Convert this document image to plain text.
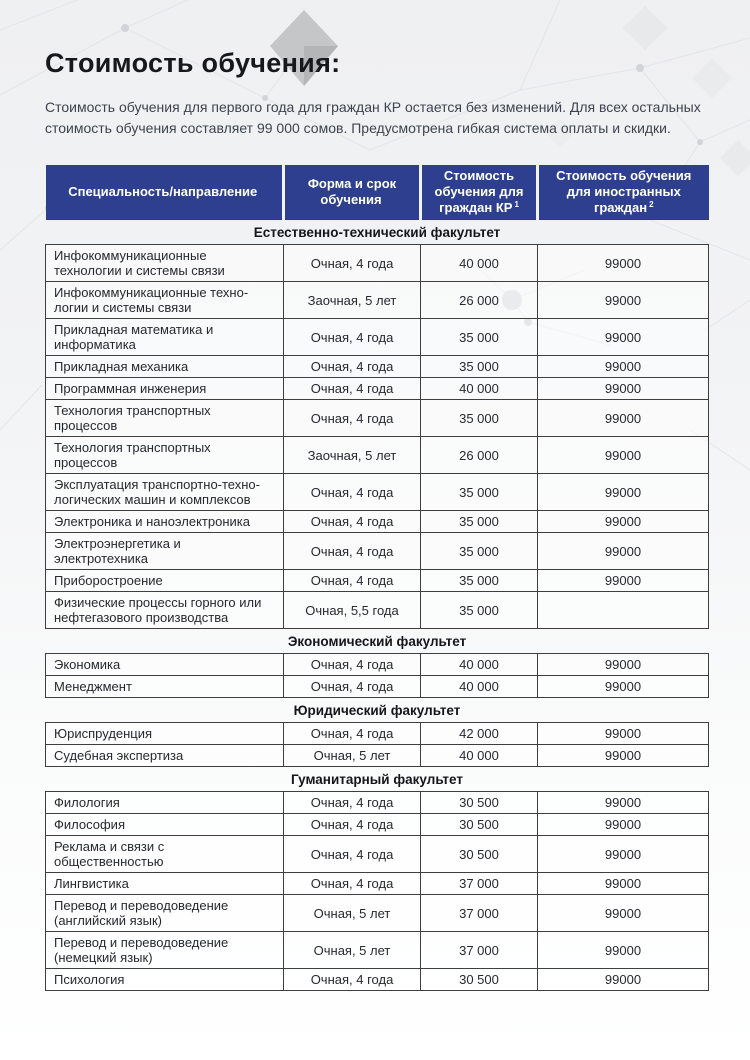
Стоимость обучения:

Стоимость обучения для первого года для граждан КР остается без изменений. Для всех остальных стоимость обучения составляет 99 000 сомов. Предусмотрена гибкая система оплаты и скидки.

Специальность/направление	Форма и срок обучения	Стоимость обучения для граждан КР $^1$	Стоимость обучения для иностранных граждан $^2$
Естественно-технический факультет			
Инфокоммуникационные технологии и системы связи	Очная, 4 года	40 000	99000
Инфокоммуникационные техно-логии и системы связи	Заочная, 5 лет	26 000	99000
Прикладная математика и информатика	Очная, 4 года	35 000	99000
Прикладная механика	Очная, 4 года	35 000	99000
Программная инженерия	Очная, 4 года	40 000	99000
Технология транспортных процессов	Очная, 4 года	35 000	99000
Технология транспортных процессов	Заочная, 5 лет	26 000	99000
Эксплуатация транспортно-техно-логических машин и комплексов	Очная, 4 года	35 000	99000
Электроника и наноэлектроника	Очная, 4 года	35 000	99000
Электроэнергетика и электротехника	Очная, 4 года	35 000	99000
Приборостроение	Очная, 4 года	35 000	99000
Физические процессы горного или нефтегазового производства	Очная, 5,5 года	35 000	
Экономический факультет			
Экономика	Очная, 4 года	40 000	99000
Менеджмент	Очная, 4 года	40 000	99000
Юридический факультет			
Юриспруденция	Очная, 4 года	42 000	99000
Судебная экспертиза	Очная, 5 лет	40 000	99000
Гуманитарный факультет			
Филология	Очная, 4 года	30 500	99000
Философия	Очная, 4 года	30 500	99000
Реклама и связи с общественностью	Очная, 4 года	30 500	99000
Лингвистика	Очная, 4 года	37 000	99000
Перевод и переводоведение (английский язык)	Очная, 5 лет	37 000	99000
Перевод и переводоведение (немецкий язык)	Очная, 5 лет	37 000	99000
Психология	Очная, 4 года	30 500	99000
